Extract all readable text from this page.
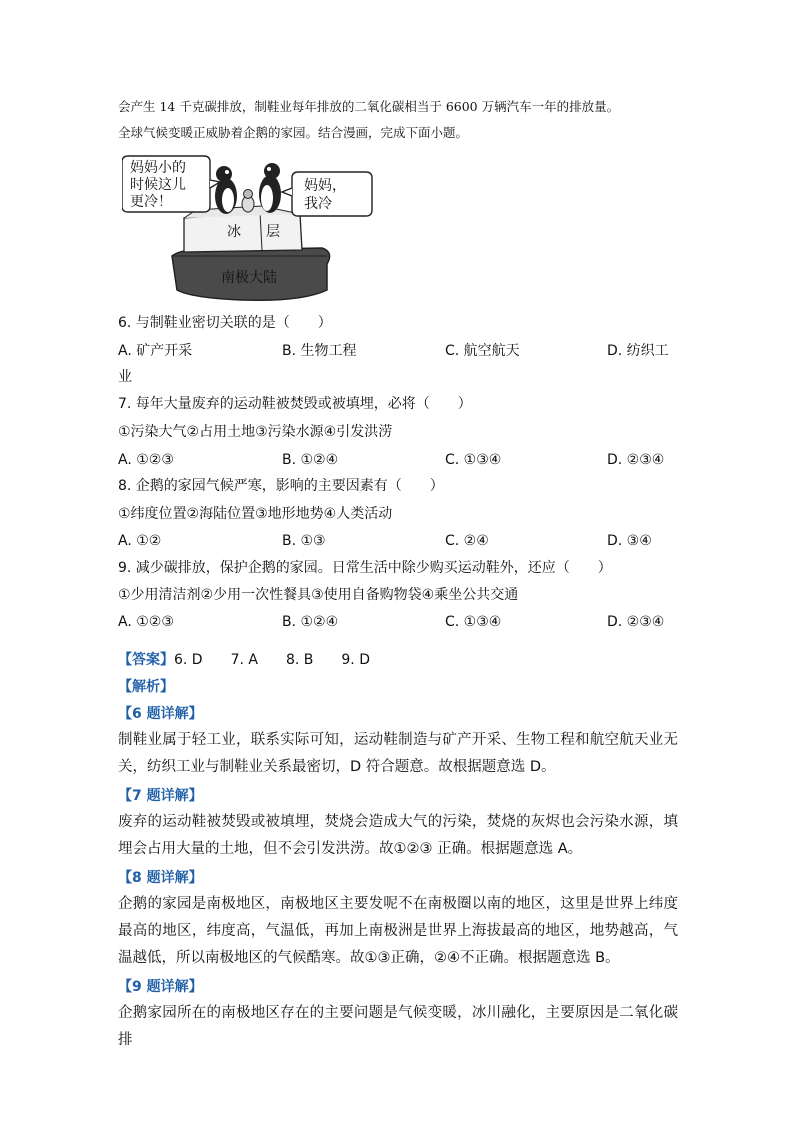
会产生 14 千克碳排放，制鞋业每年排放的二氧化碳相当于 6600 万辆汽车一年的排放量。
全球气候变暖正威胁着企鹅的家园。结合漫画，完成下面小题。
南极大陆
冰 层
妈妈小的
时候这儿
更冷！
妈妈，
我冷
6. 与制鞋业密切关联的是（　　）
A. 矿产开采	B. 生物工程	C. 航空航天	D. 纺织工
业
7. 每年大量废弃的运动鞋被焚毁或被填埋，必将（　　）
①污染大气②占用土地③污染水源④引发洪涝
A. ①②③	B. ①②④	C. ①③④	D. ②③④
8. 企鹅的家园气候严寒，影响的主要因素有（　　）
①纬度位置②海陆位置③地形地势④人类活动
A. ①②	B. ①③	C. ②④	D. ③④
9. 减少碳排放，保护企鹅的家园。日常生活中除少购买运动鞋外，还应（　　）
①少用清洁剂②少用一次性餐具③使用自备购物袋④乘坐公共交通
A. ①②③	B. ①②④	C. ①③④	D. ②③④
【答案】6. D　　7. A　　8. B　　9. D
【解析】
【6 题详解】
制鞋业属于轻工业，联系实际可知，运动鞋制造与矿产开采、生物工程和航空航天业无关，纺织工业与制鞋业关系最密切，D 符合题意。故根据题意选 D。
【7 题详解】
废弃的运动鞋被焚毁或被填埋，焚烧会造成大气的污染，焚烧的灰烬也会污染水源，填埋会占用大量的土地，但不会引发洪涝。故①②③ 正确。根据题意选 A。
【8 题详解】
企鹅的家园是南极地区，南极地区主要发呢不在南极圈以南的地区，这里是世界上纬度最高的地区，纬度高，气温低，再加上南极洲是世界上海拔最高的地区，地势越高，气温越低，所以南极地区的气候酷寒。故①③正确，②④不正确。根据题意选 B。
【9 题详解】
企鹅家园所在的南极地区存在的主要问题是气候变暖，冰川融化，主要原因是二氧化碳排
